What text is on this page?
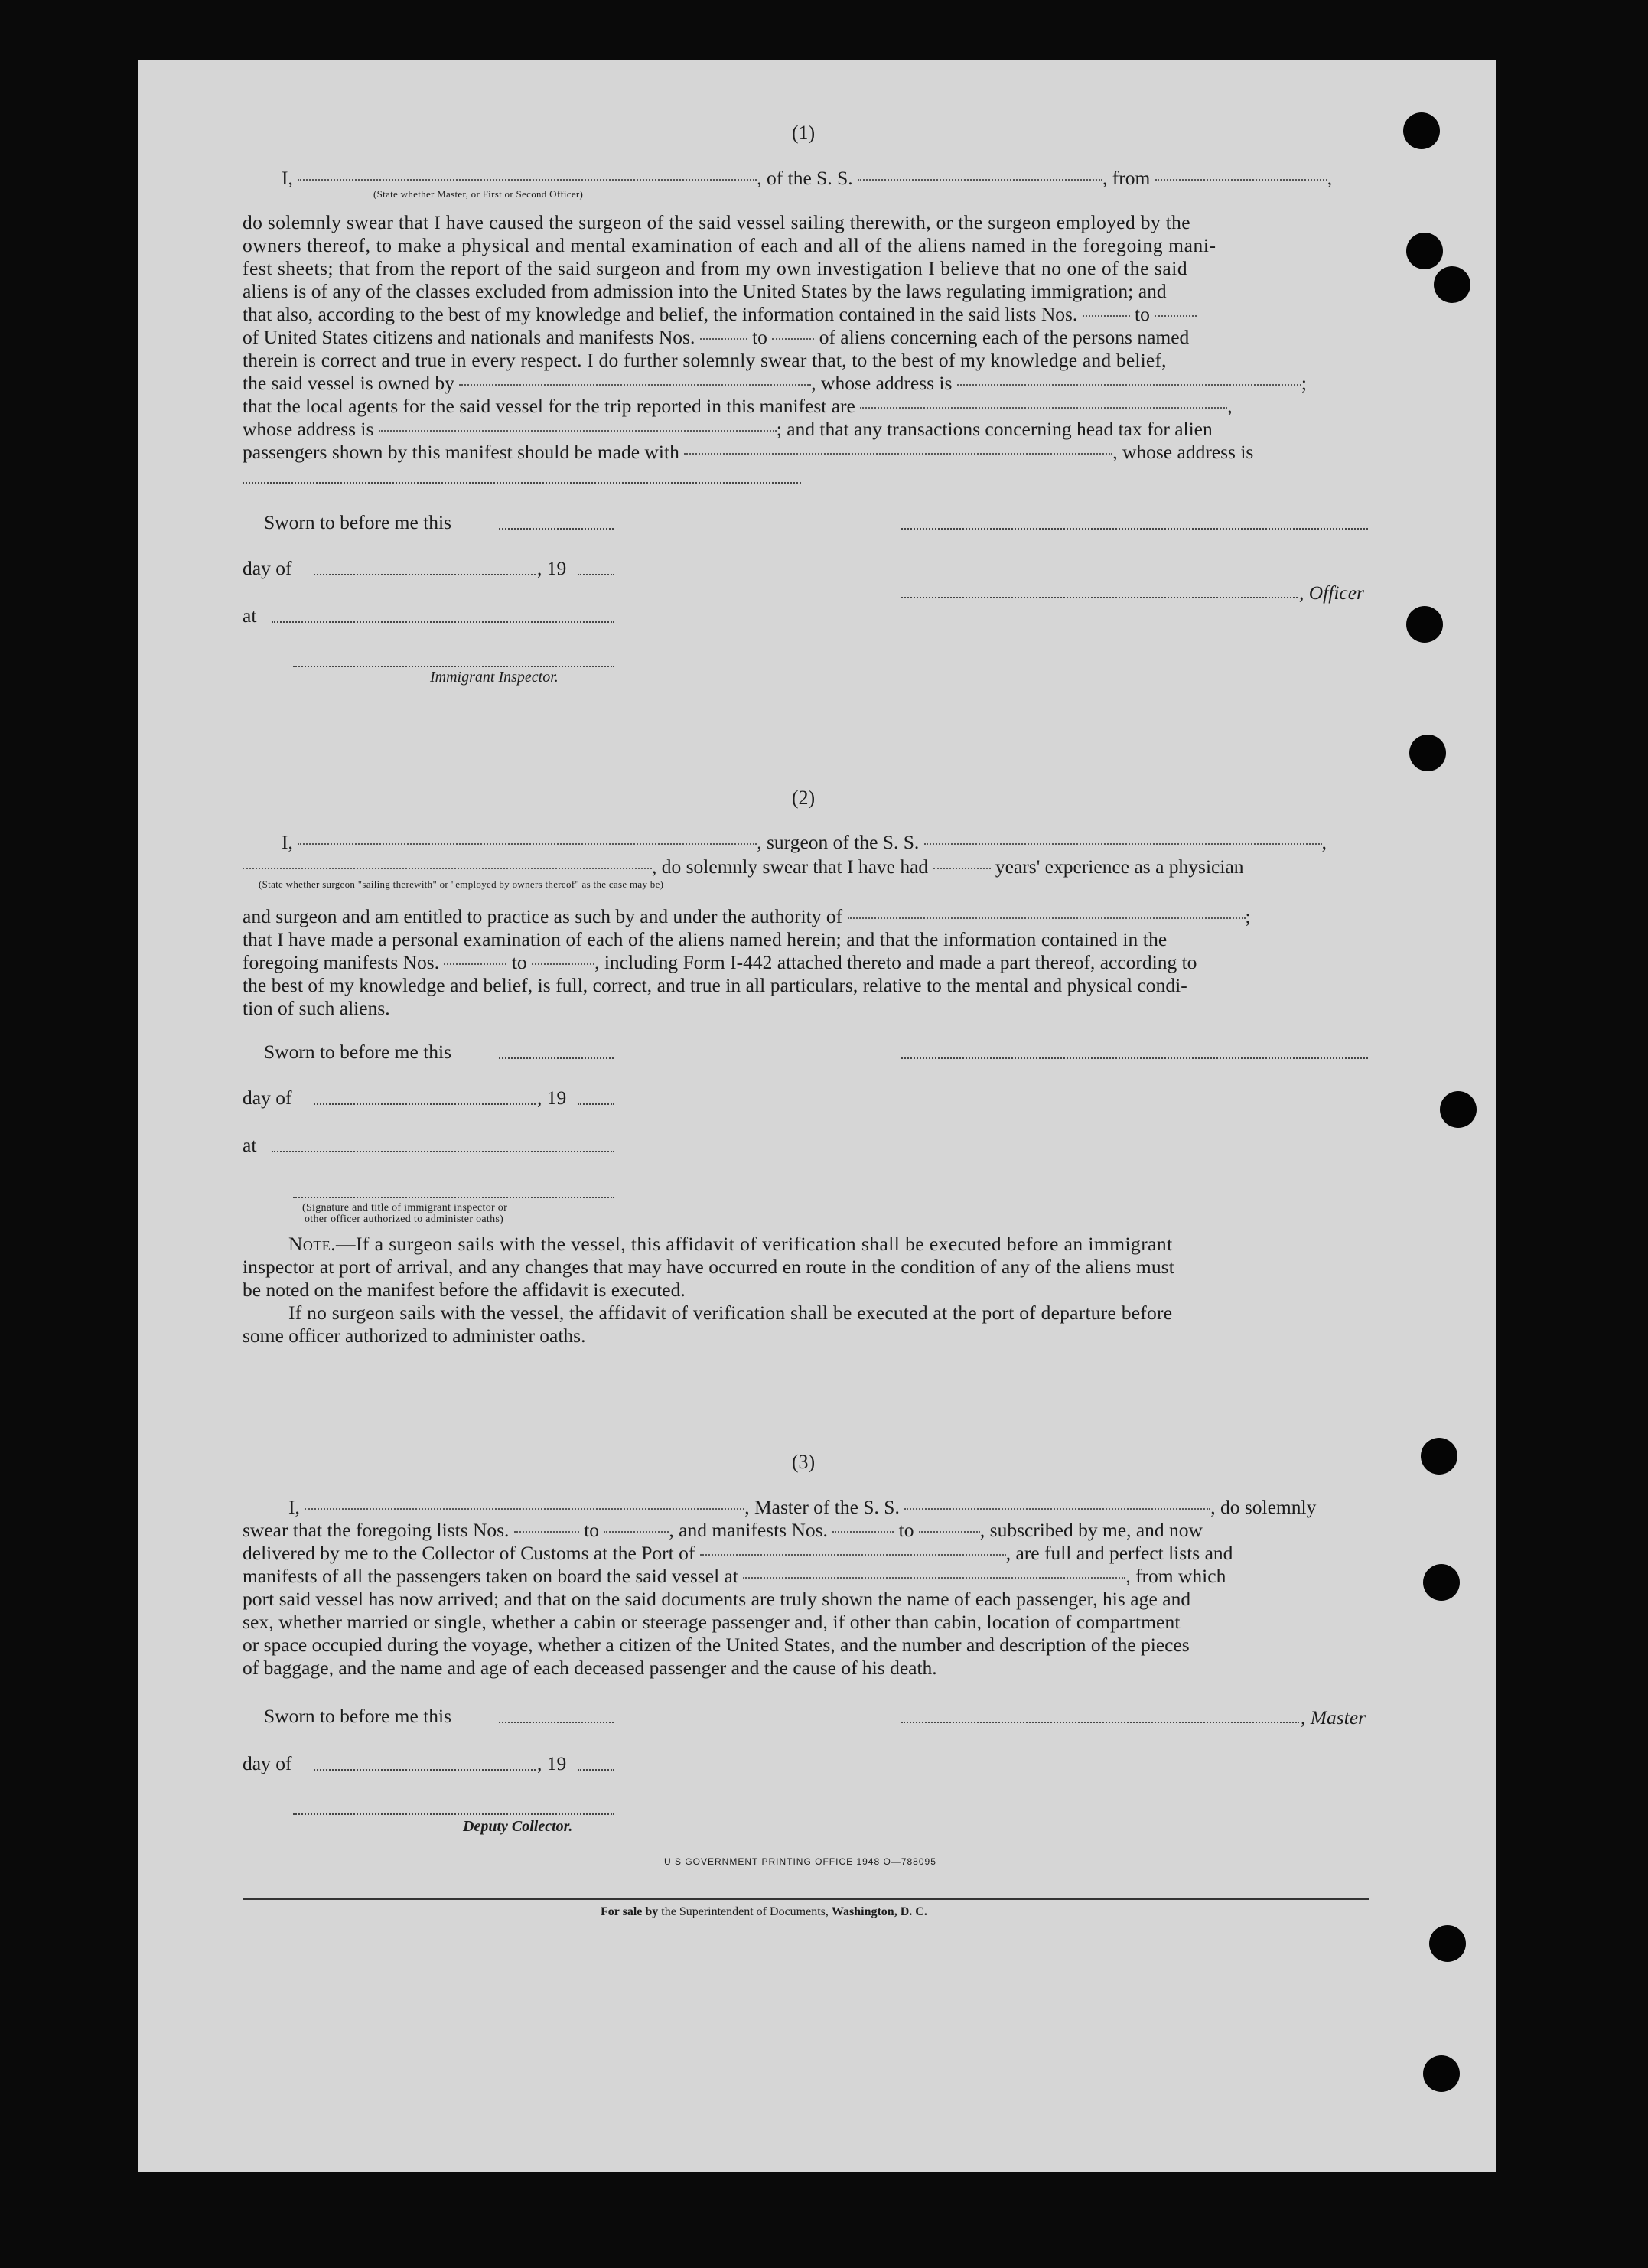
(1)
I,	, of the S. S.	, from	,
(State whether Master, or First or Second Officer)
do solemnly swear that I have caused the surgeon of the said vessel sailing therewith, or the surgeon employed by the
owners thereof, to make a physical and mental examination of each and all of the aliens named in the foregoing mani-
fest sheets; that from the report of the said surgeon and from my own investigation I believe that no one of the said
aliens is of any of the classes excluded from admission into the United States by the laws regulating immigration; and
that also, according to the best of my knowledge and belief, the information contained in the said lists Nos.	to
of United States citizens and nationals and manifests Nos.	to	of aliens concerning each of the persons named
therein is correct and true in every respect. I do further solemnly swear that, to the best of my knowledge and belief,
the said vessel is owned by	, whose address is	;
that the local agents for the said vessel for the trip reported in this manifest are	,
whose address is	; and that any transactions concerning head tax for alien
passengers shown by this manifest should be made with	, whose address is
Sworn to before me this
day of	, 19
, Officer
at
Immigrant Inspector.
(2)
I,	, surgeon of the S. S.	,
, do solemnly swear that I have had	years' experience as a physician
(State whether surgeon "sailing therewith" or "employed by owners thereof" as the case may be)
and surgeon and am entitled to practice as such by and under the authority of	;
that I have made a personal examination of each of the aliens named herein; and that the information contained in the
foregoing manifests Nos.	to	, including Form I-442 attached thereto and made a part thereof, according to
the best of my knowledge and belief, is full, correct, and true in all particulars, relative to the mental and physical condi-
tion of such aliens.
Sworn to before me this
day of	, 19
at
(Signature and title of immigrant inspector or
other officer authorized to administer oaths)
Note.—If a surgeon sails with the vessel, this affidavit of verification shall be executed before an immigrant
inspector at port of arrival, and any changes that may have occurred en route in the condition of any of the aliens must
be noted on the manifest before the affidavit is executed.
If no surgeon sails with the vessel, the affidavit of verification shall be executed at the port of departure before
some officer authorized to administer oaths.
(3)
I,	, Master of the S. S.	, do solemnly
swear that the foregoing lists Nos.	to	, and manifests Nos.	to	, subscribed by me, and now
delivered by me to the Collector of Customs at the Port of	, are full and perfect lists and
manifests of all the passengers taken on board the said vessel at	, from which
port said vessel has now arrived; and that on the said documents are truly shown the name of each passenger, his age and
sex, whether married or single, whether a cabin or steerage passenger and, if other than cabin, location of compartment
or space occupied during the voyage, whether a citizen of the United States, and the number and description of the pieces
of baggage, and the name and age of each deceased passenger and the cause of his death.
Sworn to before me this	, Master
day of	, 19
Deputy Collector.
U S GOVERNMENT PRINTING OFFICE 1948 O—788095
For sale by the Superintendent of Documents, Washington, D. C.
